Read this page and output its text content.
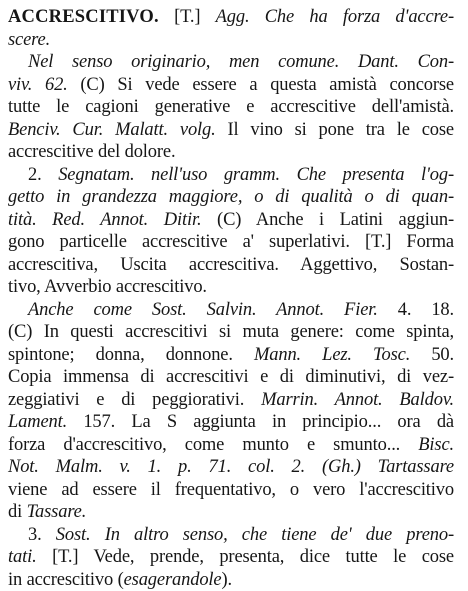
ACCRESCITIVO. [T.] Agg. Che ha forza d'accre-
scere.
Nel senso originario, men comune. Dant. Con-
viv. 62. (C) Si vede essere a questa amistà concorse
tutte le cagioni generative e accrescitive dell'amistà.
Benciv. Cur. Malatt. volg. Il vino si pone tra le cose
accrescitive del dolore.
2. Segnatam. nell'uso gramm. Che presenta l'og-
getto in grandezza maggiore, o di qualità o di quan-
tità. Red. Annot. Ditir. (C) Anche i Latini aggiun-
gono particelle accrescitive a' superlativi. [T.] Forma
accrescitiva, Uscita accrescitiva. Aggettivo, Sostan-
tivo, Avverbio accrescitivo.
Anche come Sost. Salvin. Annot. Fier. 4. 18.
(C) In questi accrescitivi si muta genere: come spinta,
spintone; donna, donnone. Mann. Lez. Tosc. 50.
Copia immensa di accrescitivi e di diminutivi, di vez-
zeggiativi e di peggiorativi. Marrin. Annot. Baldov.
Lament. 157. La S aggiunta in principio... ora dà
forza d'accrescitivo, come munto e smunto... Bisc.
Not. Malm. v. 1. p. 71. col. 2. (Gh.) Tartassare
viene ad essere il frequentativo, o vero l'accrescitivo
di Tassare.
3. Sost. In altro senso, che tiene de' due preno-
tati. [T.] Vede, prende, presenta, dice tutte le cose
in accrescitivo (esagerandole).
